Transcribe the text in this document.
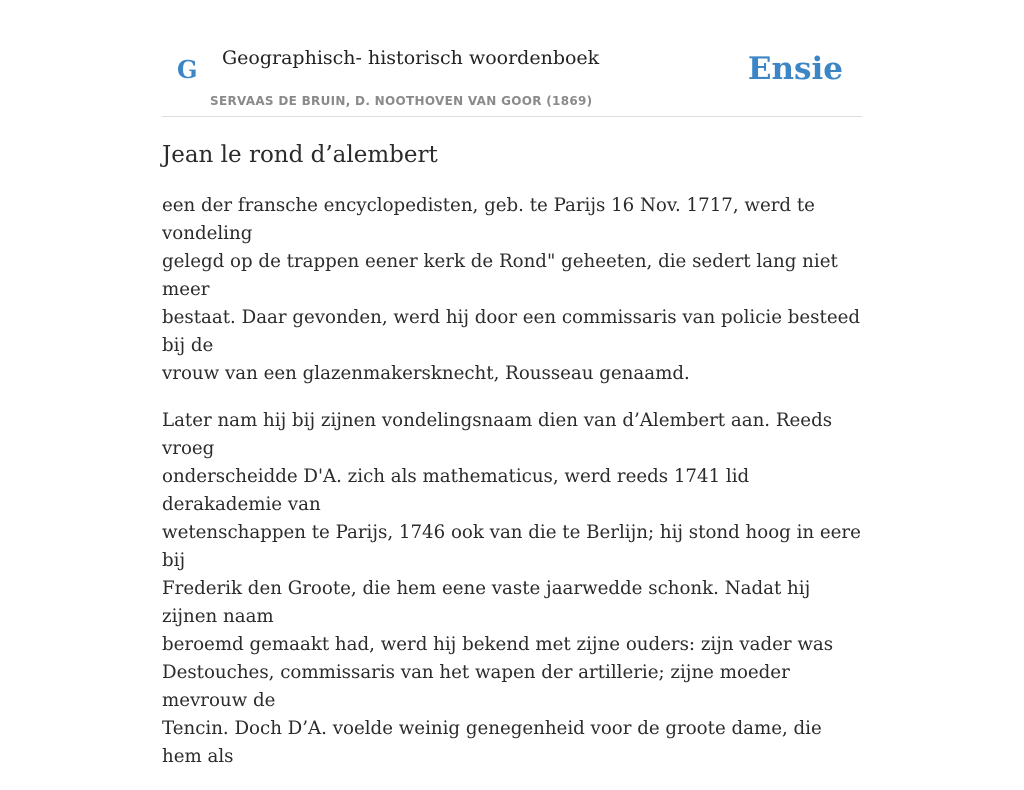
G Geographisch- historisch woordenboek
SERVAAS DE BRUIN, D. NOOTHOVEN VAN GOOR (1869)
Ensie
Jean le rond d’alembert

een der fransche encyclopedisten, geb. te Parijs 16 Nov. 1717, werd te vondeling
gelegd op de trappen eener kerk de Rond" geheeten, die sedert lang niet meer
bestaat. Daar gevonden, werd hij door een commissaris van policie besteed bij de
vrouw van een glazenmakersknecht, Rousseau genaamd.

Later nam hij bij zijnen vondelingsnaam dien van d’Alembert aan. Reeds vroeg
onderscheidde D'A. zich als mathematicus, werd reeds 1741 lid derakademie van
wetenschappen te Parijs, 1746 ook van die te Berlijn; hij stond hoog in eere bij
Frederik den Groote, die hem eene vaste jaarwedde schonk. Nadat hij zijnen naam
beroemd gemaakt had, werd hij bekend met zijne ouders: zijn vader was
Destouches, commissaris van het wapen der artillerie; zijne moeder mevrouw de
Tencin. Doch D’A. voelde weinig genegenheid voor de groote dame, die hem als
